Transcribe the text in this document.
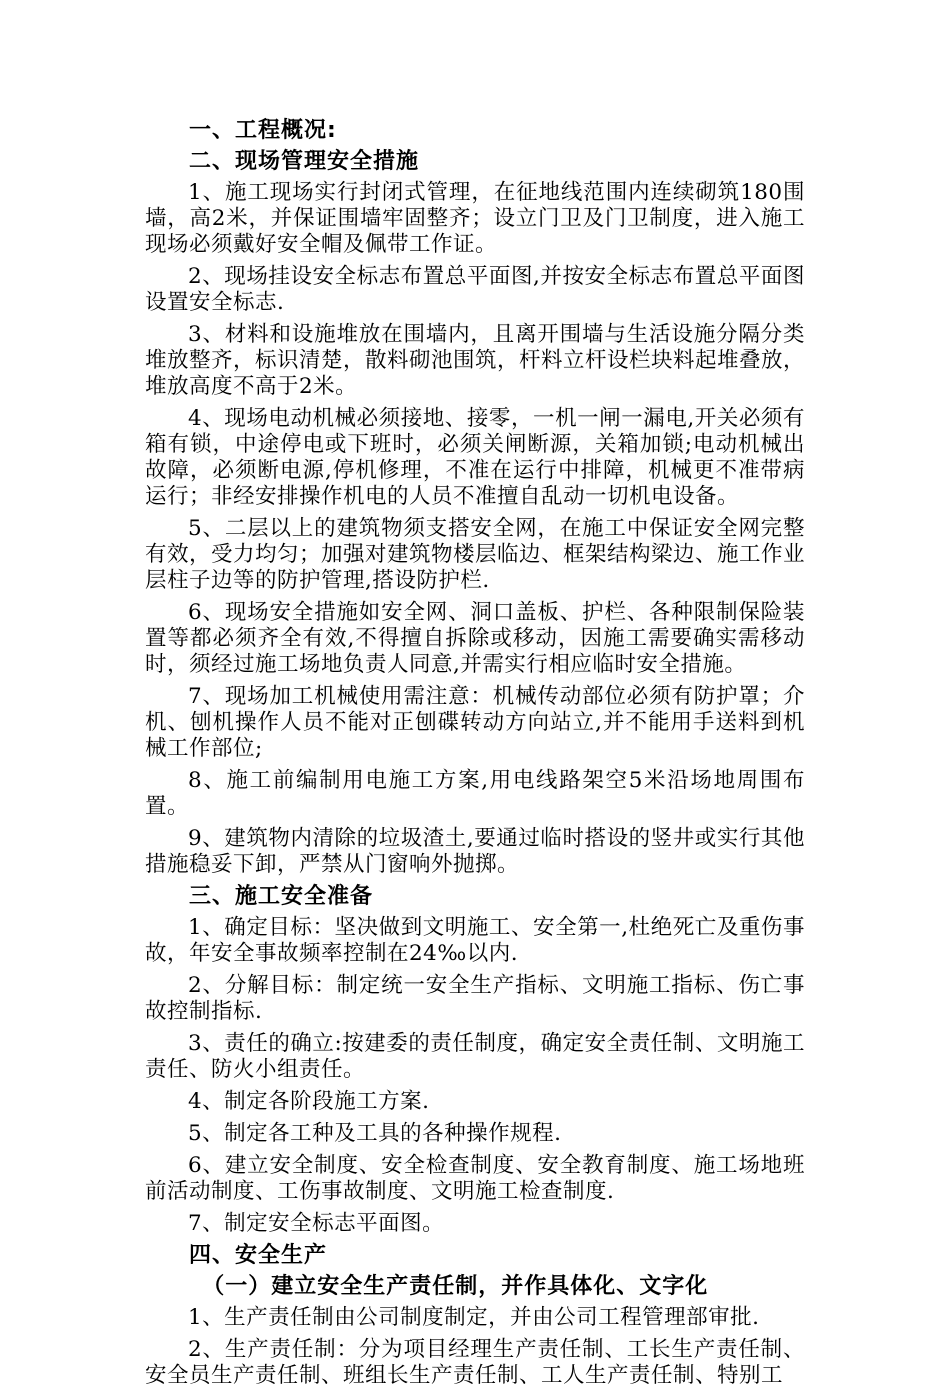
一、工程概况:
二、现场管理安全措施

1、施工现场实行封闭式管理，在征地线范围内连续砌筑180围墙，高2米，并保证围墙牢固整齐；设立门卫及门卫制度，进入施工现场必须戴好安全帽及佩带工作证。

2、现场挂设安全标志布置总平面图,并按安全标志布置总平面图设置安全标志.

3、材料和设施堆放在围墙内，且离开围墙与生活设施分隔分类堆放整齐，标识清楚，散料砌池围筑，杆料立杆设栏块料起堆叠放，堆放高度不高于2米。

4、现场电动机械必须接地、接零，一机一闸一漏电,开关必须有箱有锁，中途停电或下班时，必须关闸断源，关箱加锁;电动机械出故障，必须断电源,停机修理，不准在运行中排障，机械更不准带病运行；非经安排操作机电的人员不准擅自乱动一切机电设备。

5、二层以上的建筑物须支搭安全网，在施工中保证安全网完整有效，受力均匀；加强对建筑物楼层临边、框架结构梁边、施工作业层柱子边等的防护管理,搭设防护栏.

6、现场安全措施如安全网、洞口盖板、护栏、各种限制保险装置等都必须齐全有效,不得擅自拆除或移动，因施工需要确实需移动时，须经过施工场地负责人同意,并需实行相应临时安全措施。

7、现场加工机械使用需注意：机械传动部位必须有防护罩；介机、刨机操作人员不能对正刨碟转动方向站立,并不能用手送料到机械工作部位;

8、施工前编制用电施工方案,用电线路架空5米沿场地周围布置。

9、建筑物内清除的垃圾渣土,要通过临时搭设的竖井或实行其他措施稳妥下卸，严禁从门窗响外抛掷。

三、施工安全准备

1、确定目标：坚决做到文明施工、安全第一,杜绝死亡及重伤事故，年安全事故频率控制在24‰以内.

2、分解目标：制定统一安全生产指标、文明施工指标、伤亡事故控制指标.

3、责任的确立:按建委的责任制度，确定安全责任制、文明施工责任、防火小组责任。

4、制定各阶段施工方案.

5、制定各工种及工具的各种操作规程.

6、建立安全制度、安全检查制度、安全教育制度、施工场地班前活动制度、工伤事故制度、文明施工检查制度.

7、制定安全标志平面图。

四、安全生产
（一）建立安全生产责任制，并作具体化、文字化

1、生产责任制由公司制度制定，并由公司工程管理部审批.

2、生产责任制：分为项目经理生产责任制、工长生产责任制、安全员生产责任制、班组长生产责任制、工人生产责任制、特别工
